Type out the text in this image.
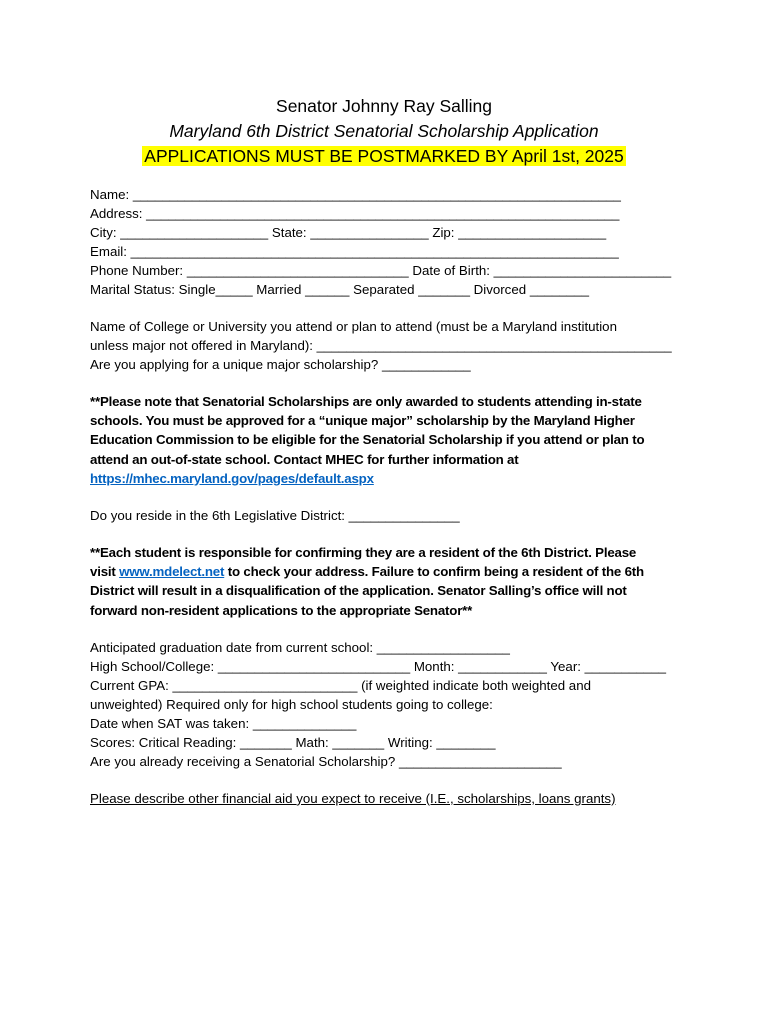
Senator Johnny Ray Salling
Maryland 6th District Senatorial Scholarship Application
APPLICATIONS MUST BE POSTMARKED BY April 1st, 2025
Name: __________________________________________________________________
Address: ________________________________________________________________
City: ____________________ State: ________________ Zip: ____________________
Email: __________________________________________________________________
Phone Number: ______________________________ Date of Birth: ________________________
Marital Status: Single_____ Married ______ Separated _______ Divorced ________
Name of College or University you attend or plan to attend (must be a Maryland institution
unless major not offered in Maryland): ________________________________________________
Are you applying for a unique major scholarship? ____________
**Please note that Senatorial Scholarships are only awarded to students attending in-state
schools. You must be approved for a “unique major” scholarship by the Maryland Higher
Education Commission to be eligible for the Senatorial Scholarship if you attend or plan to
attend an out-of-state school. Contact MHEC for further information at
https://mhec.maryland.gov/pages/default.aspx
Do you reside in the 6th Legislative District: _______________
**Each student is responsible for confirming they are a resident of the 6th District. Please
visit www.mdelect.net to check your address. Failure to confirm being a resident of the 6th
District will result in a disqualification of the application. Senator Salling’s office will not
forward non-resident applications to the appropriate Senator**
Anticipated graduation date from current school: __________________
High School/College: __________________________ Month: ____________ Year: ___________
Current GPA: _________________________ (if weighted indicate both weighted and
unweighted) Required only for high school students going to college:
Date when SAT was taken: ______________
Scores: Critical Reading: _______ Math: _______ Writing: ________
Are you already receiving a Senatorial Scholarship? ______________________
Please describe other financial aid you expect to receive (I.E., scholarships, loans grants)
